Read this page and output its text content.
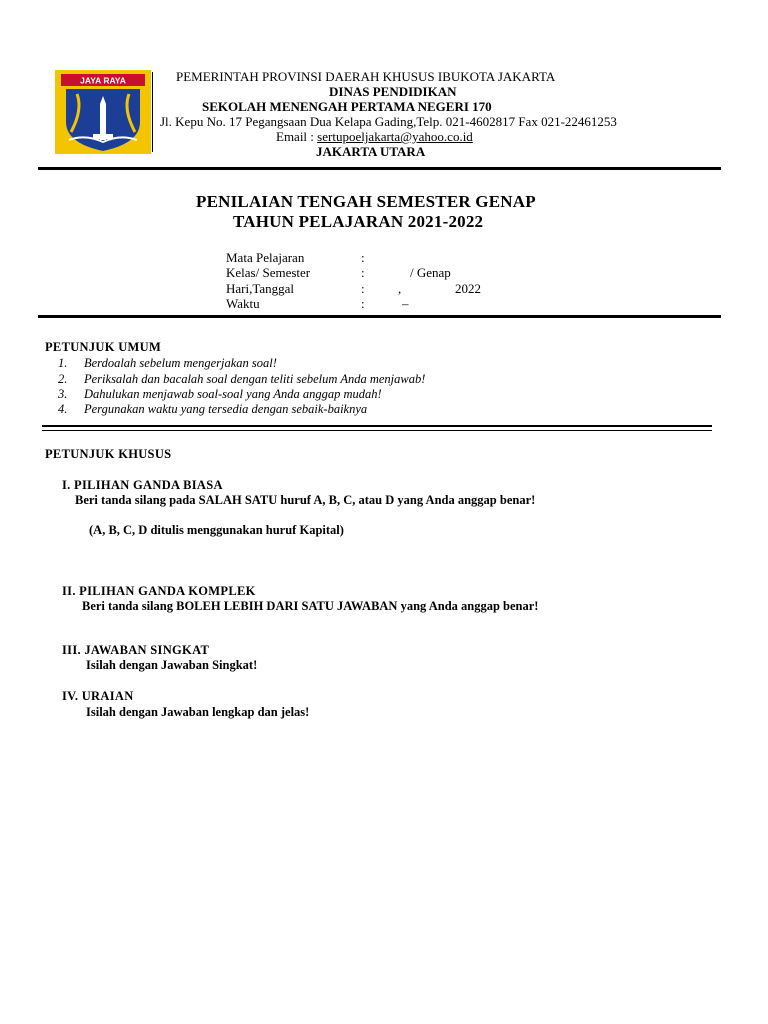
JAYA RAYA	PEMERINTAH PROVINSI DAERAH KHUSUS IBUKOTA JAKARTA
DINAS PENDIDIKAN
SEKOLAH MENENGAH PERTAMA NEGERI 170
Jl. Kepu No. 17 Pegangsaan Dua Kelapa Gading,Telp. 021-4602817 Fax 021-22461253
Email : sertupoeljakarta@yahoo.co.id
JAKARTA UTARA
PENILAIAN TENGAH SEMESTER GENAP
TAHUN PELAJARAN 2021-2022
Mata Pelajaran	:
Kelas/ Semester	:	/ Genap
Hari,Tanggal	:	,	2022
Waktu	:	–
PETUNJUK UMUM
1. Berdoalah sebelum mengerjakan soal!
2. Periksalah dan bacalah soal dengan teliti sebelum Anda menjawab!
3. Dahulukan menjawab soal-soal yang Anda anggap mudah!
4. Pergunakan waktu yang tersedia dengan sebaik-baiknya
PETUNJUK KHUSUS
I. PILIHAN GANDA BIASA
Beri tanda silang pada SALAH SATU huruf A, B, C, atau D yang Anda anggap benar!
(A, B, C, D ditulis menggunakan huruf Kapital)
II. PILIHAN GANDA KOMPLEK
Beri tanda silang BOLEH LEBIH DARI SATU JAWABAN yang Anda anggap benar!
III. JAWABAN SINGKAT
Isilah dengan Jawaban Singkat!
IV. URAIAN
Isilah dengan Jawaban lengkap dan jelas!
